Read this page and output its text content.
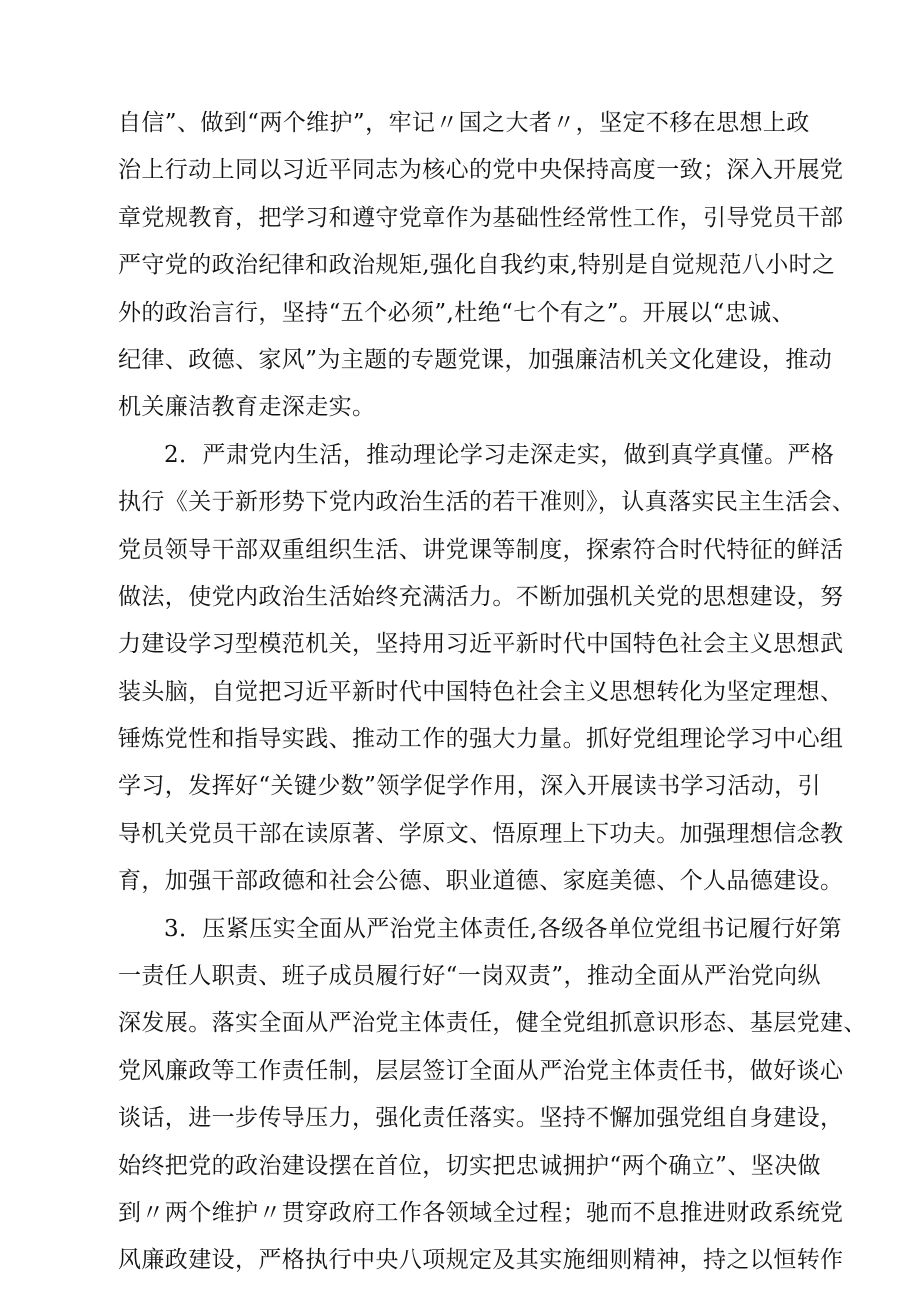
自信”、做到“两个维护”，牢记〃国之大者〃，坚定不移在思想上政
治上行动上同以习近平同志为核心的党中央保持高度一致；深入开展党
章党规教育，把学习和遵守党章作为基础性经常性工作，引导党员干部
严守党的政治纪律和政治规矩,强化自我约束,特别是自觉规范八小时之
外的政治言行，坚持“五个必须”,杜绝“七个有之”。开展以“忠诚、
纪律、政德、家风”为主题的专题党课，加强廉洁机关文化建设，推动
机关廉洁教育走深走实。
2．严肃党内生活，推动理论学习走深走实，做到真学真懂。严格
执行《关于新形势下党内政治生活的若干准则》，认真落实民主生活会、
党员领导干部双重组织生活、讲党课等制度，探索符合时代特征的鲜活
做法，使党内政治生活始终充满活力。不断加强机关党的思想建设，努
力建设学习型模范机关，坚持用习近平新时代中国特色社会主义思想武
装头脑，自觉把习近平新时代中国特色社会主义思想转化为坚定理想、
锤炼党性和指导实践、推动工作的强大力量。抓好党组理论学习中心组
学习，发挥好“关键少数”领学促学作用，深入开展读书学习活动，引
导机关党员干部在读原著、学原文、悟原理上下功夫。加强理想信念教
育，加强干部政德和社会公德、职业道德、家庭美德、个人品德建设。
3．压紧压实全面从严治党主体责任,各级各单位党组书记履行好第
一责任人职责、班子成员履行好“一岗双责”，推动全面从严治党向纵
深发展。落实全面从严治党主体责任，健全党组抓意识形态、基层党建、
党风廉政等工作责任制，层层签订全面从严治党主体责任书，做好谈心
谈话，进一步传导压力，强化责任落实。坚持不懈加强党组自身建设，
始终把党的政治建设摆在首位，切实把忠诚拥护“两个确立”、坚决做
到〃两个维护〃贯穿政府工作各领域全过程；驰而不息推进财政系统党
风廉政建设，严格执行中央八项规定及其实施细则精神，持之以恒转作
